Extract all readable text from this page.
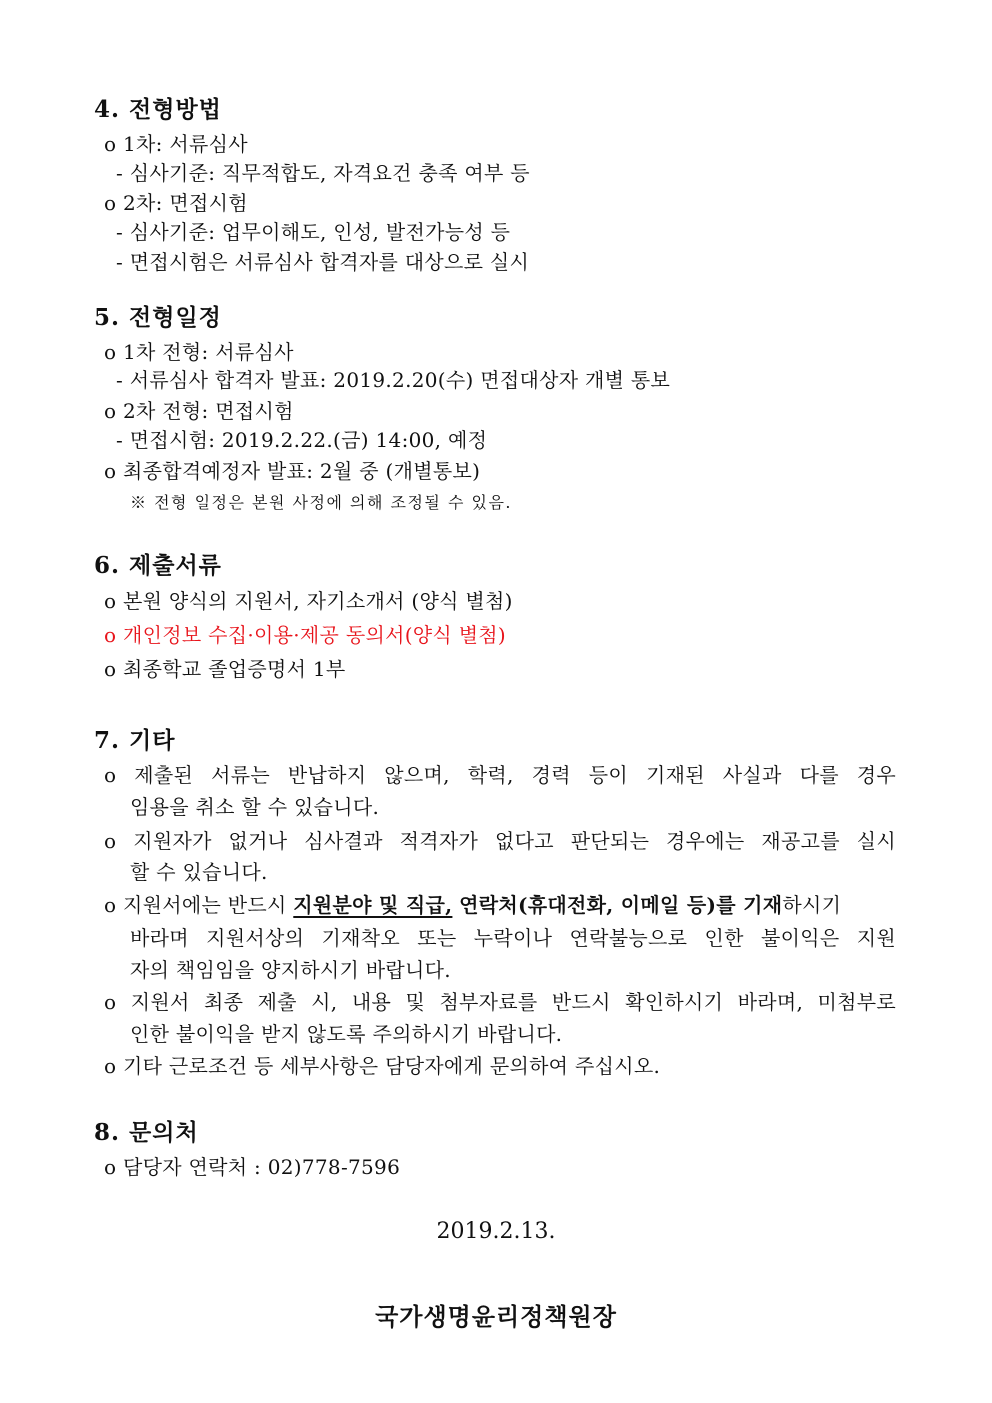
4. 전형방법
o 1차: 서류심사
- 심사기준: 직무적합도, 자격요건 충족 여부 등
o 2차: 면접시험
- 심사기준: 업무이해도, 인성, 발전가능성 등
- 면접시험은 서류심사 합격자를 대상으로 실시
5. 전형일정
o 1차 전형: 서류심사
- 서류심사 합격자 발표: 2019.2.20(수) 면접대상자 개별 통보
o 2차 전형: 면접시험
- 면접시험: 2019.2.22.(금) 14:00, 예정
o 최종합격예정자 발표: 2월 중 (개별통보)
※ 전형 일정은 본원 사정에 의해 조정될 수 있음.
6. 제출서류
o 본원 양식의 지원서, 자기소개서 (양식 별첨)
o 개인정보 수집·이용·제공 동의서(양식 별첨)
o 최종학교 졸업증명서 1부
7. 기타
o 제출된 서류는 반납하지 않으며, 학력, 경력 등이 기재된 사실과 다를 경우
임용을 취소 할 수 있습니다.
o 지원자가 없거나 심사결과 적격자가 없다고 판단되는 경우에는 재공고를 실시
할 수 있습니다.
o 지원서에는 반드시 지원분야 및 직급, 연락처(휴대전화, 이메일 등)를 기재하시기
바라며 지원서상의 기재착오 또는 누락이나 연락불능으로 인한 불이익은 지원
자의 책임임을 양지하시기 바랍니다.
o 지원서 최종 제출 시, 내용 및 첨부자료를 반드시 확인하시기 바라며, 미첨부로
인한 불이익을 받지 않도록 주의하시기 바랍니다.
o 기타 근로조건 등 세부사항은 담당자에게 문의하여 주십시오.
8. 문의처
o 담당자 연락처 : 02)778-7596
2019.2.13.
국가생명윤리정책원장
